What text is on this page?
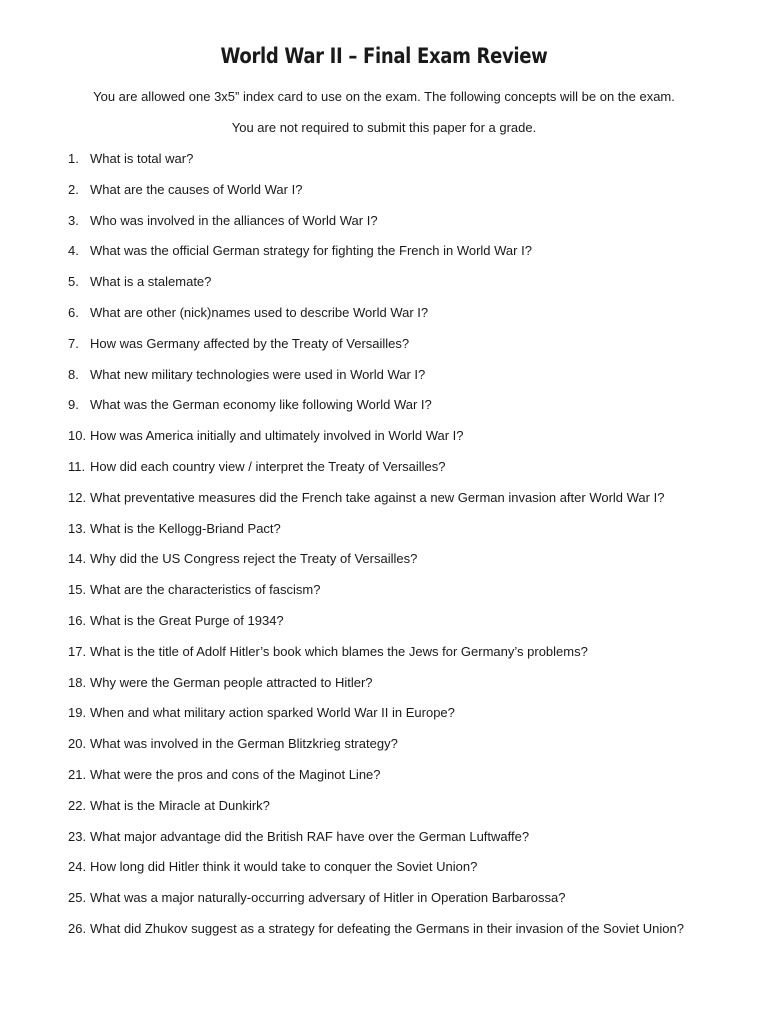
World War II – Final Exam Review
You are allowed one 3x5” index card to use on the exam. The following concepts will be on the exam.
You are not required to submit this paper for a grade.
1. What is total war?
2. What are the causes of World War I?
3. Who was involved in the alliances of World War I?
4. What was the official German strategy for fighting the French in World War I?
5. What is a stalemate?
6. What are other (nick)names used to describe World War I?
7. How was Germany affected by the Treaty of Versailles?
8. What new military technologies were used in World War I?
9. What was the German economy like following World War I?
10. How was America initially and ultimately involved in World War I?
11. How did each country view / interpret the Treaty of Versailles?
12. What preventative measures did the French take against a new German invasion after World War I?
13. What is the Kellogg-Briand Pact?
14. Why did the US Congress reject the Treaty of Versailles?
15. What are the characteristics of fascism?
16. What is the Great Purge of 1934?
17. What is the title of Adolf Hitler’s book which blames the Jews for Germany’s problems?
18. Why were the German people attracted to Hitler?
19. When and what military action sparked World War II in Europe?
20. What was involved in the German Blitzkrieg strategy?
21. What were the pros and cons of the Maginot Line?
22. What is the Miracle at Dunkirk?
23. What major advantage did the British RAF have over the German Luftwaffe?
24. How long did Hitler think it would take to conquer the Soviet Union?
25. What was a major naturally-occurring adversary of Hitler in Operation Barbarossa?
26. What did Zhukov suggest as a strategy for defeating the Germans in their invasion of the Soviet Union?
